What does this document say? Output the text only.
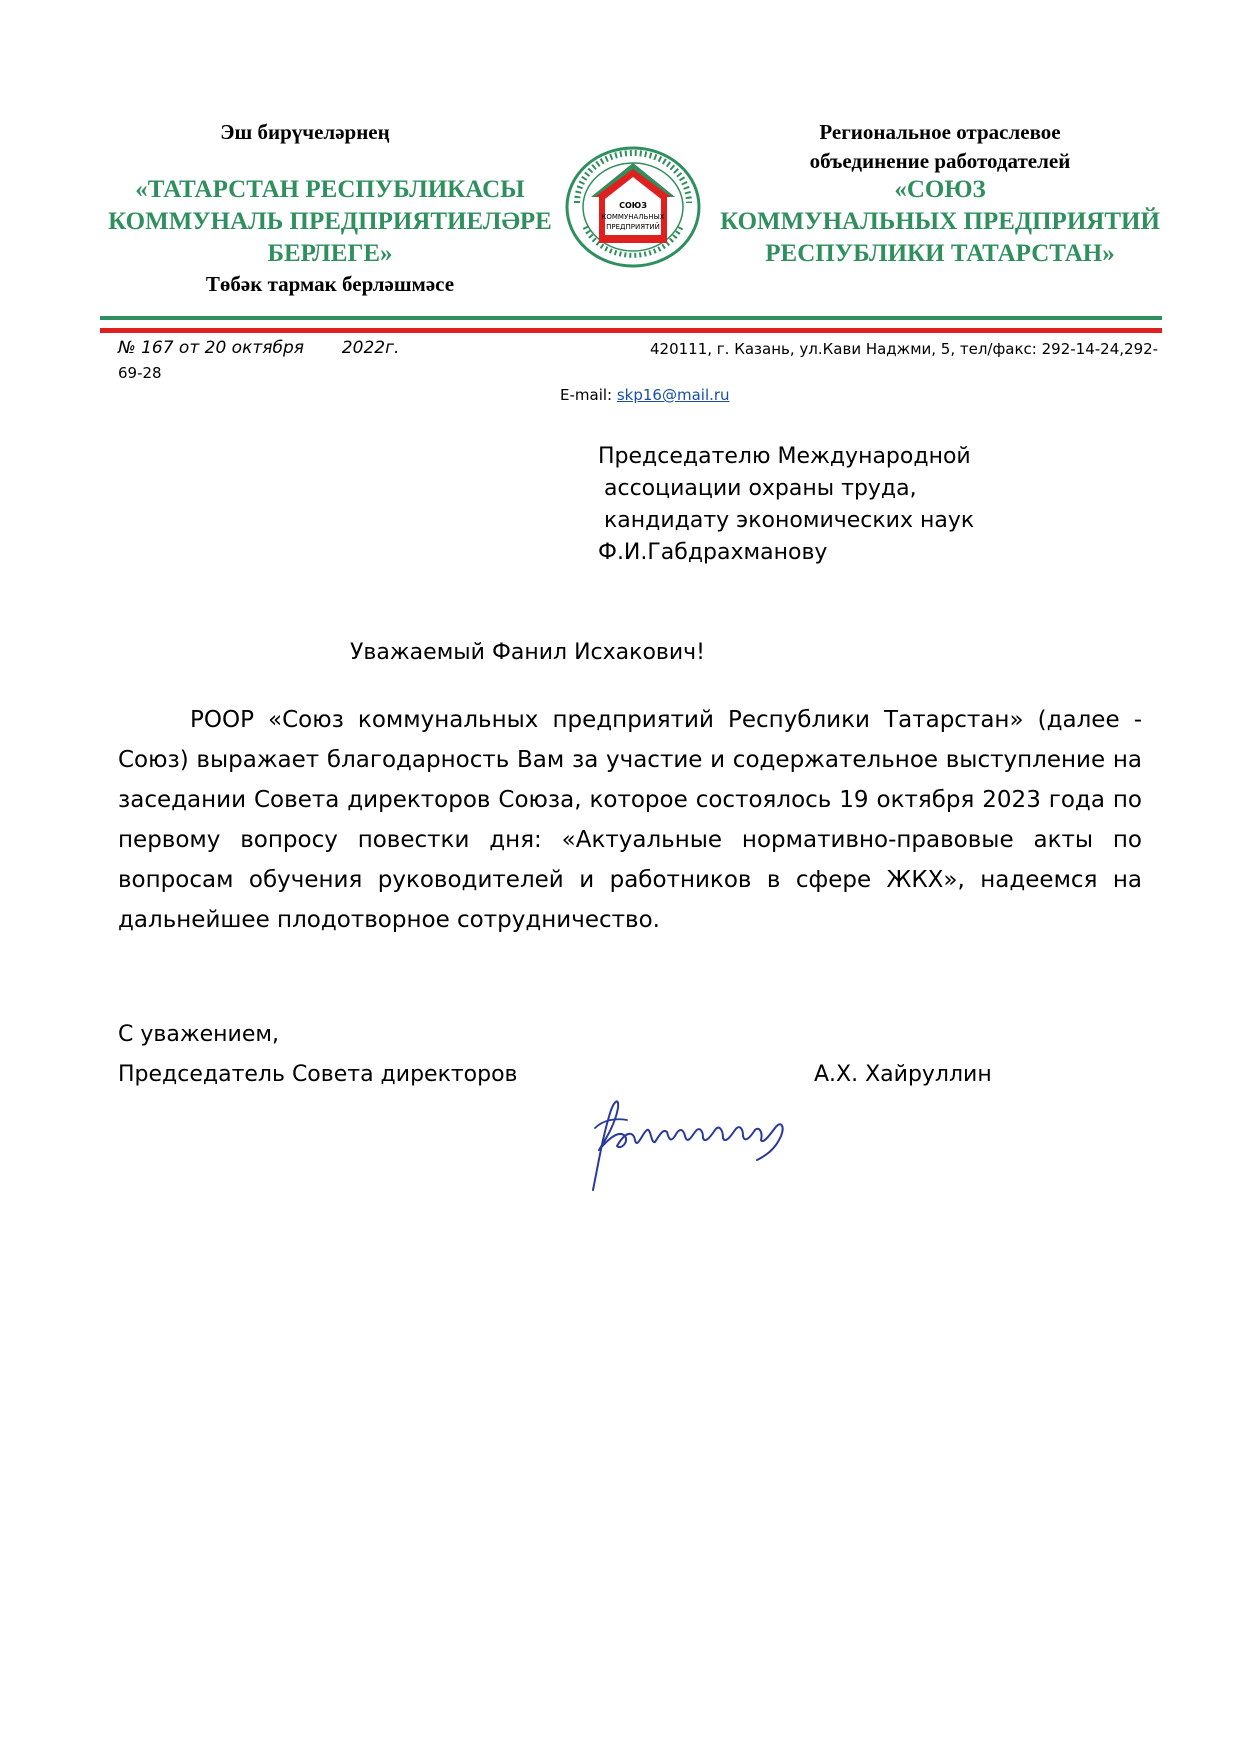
Эш бирүчеләрнең
«ТАТАРСТАН РЕСПУБЛИКАСЫ
КОММУНАЛЬ ПРЕДПРИЯТИЕЛӘРЕ
БЕРЛЕГЕ»
Төбәк тармак берләшмәсе
СОЮЗ
КОММУНАЛЬНЫХ
ПРЕДПРИЯТИЙ
Региональное отраслевое
объединение работодателей
«СОЮЗ
КОММУНАЛЬНЫХ ПРЕДПРИЯТИЙ
РЕСПУБЛИКИ ТАТАРСТАН»
№ 167 от 20 октября       2022г.	420111, г. Казань, ул.Кави Наджми, 5, тел/факс: 292-14-24,292-
69-28
E-mail: skp16@mail.ru
Председателю Международной
ассоциации охраны труда,
кандидату экономических наук
Ф.И.Габдрахманову
Уважаемый Фанил Исхакович!
РООР «Союз коммунальных предприятий Республики Татарстан» (далее - Союз) выражает благодарность Вам за участие и содержательное выступление на заседании Совета директоров Союза, которое состоялось 19 октября 2023 года по первому вопросу повестки дня: «Актуальные нормативно-правовые акты по вопросам обучения руководителей и работников в сфере ЖКХ», надеемся на дальнейшее плодотворное сотрудничество.
С уважением,
Председатель Совета директоров	А.Х. Хайруллин
